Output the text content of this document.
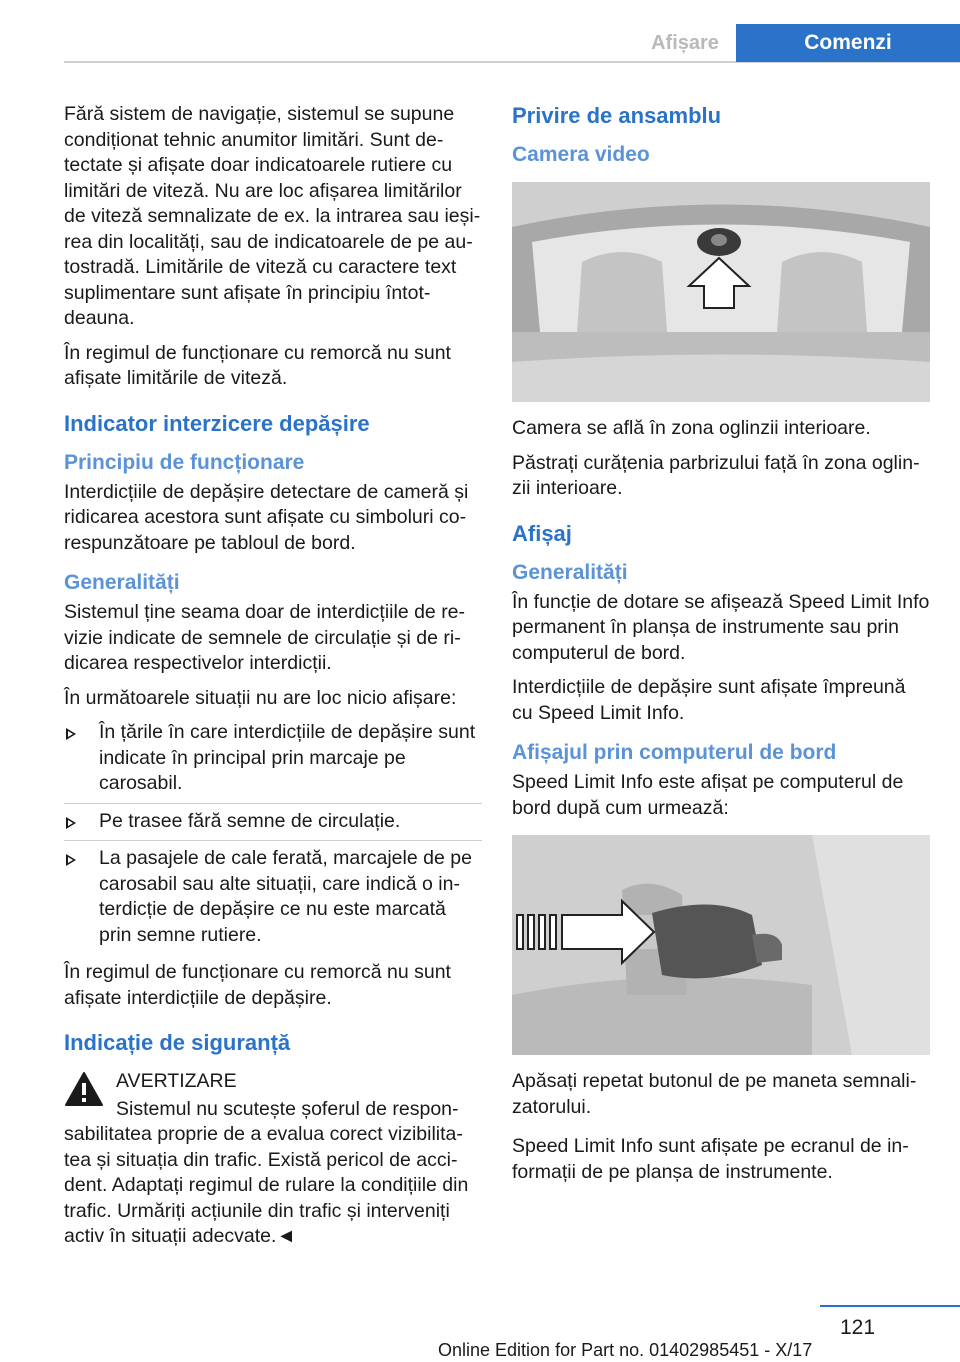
Afișare	Comenzi

Fără sistem de navigație, sistemul se supune condiționat tehnic anumitor limitări. Sunt detectate și afișate doar indicatoarele rutiere cu limitări de viteză. Nu are loc afișarea limitărilor de viteză semnalizate de ex. la intrarea sau ieșirea din localități, sau de indicatoarele de pe autostradă. Limitările de viteză cu caractere text suplimentare sunt afișate în principiu întotdeauna.

În regimul de funcționare cu remorcă nu sunt afișate limitările de viteză.

Indicator interzicere depășire
Principiu de funcționare

Interdicțiile de depășire detectare de cameră și ridicarea acestora sunt afișate cu simboluri corespunzătoare pe tabloul de bord.

Generalități

Sistemul ține seama doar de interdicțiile de revizie indicate de semnele de circulație și de ridicarea respectivelor interdicții.

În următoarele situații nu are loc nicio afișare:

În țările în care interdicțiile de depășire sunt indicate în principal prin marcaje pe carosabil.
Pe trasee fără semne de circulație.
La pasajele de cale ferată, marcajele de pe carosabil sau alte situații, care indică o interdicție de depășire ce nu este marcată prin semne rutiere.

În regimul de funcționare cu remorcă nu sunt afișate interdicțiile de depășire.

Indicație de siguranță
AVERTIZARE

Sistemul nu scutește șoferul de responsabilitatea proprie de a evalua corect vizibilitatea și situația din trafic. Există pericol de accident. Adaptați regimul de rulare la condițiile din trafic. Urmăriți acțiunile din trafic și interveniți activ în situații adecvate.◄

Privire de ansamblu
Camera video

Camera se află în zona oglinzii interioare.

Păstrați curățenia parbrizului față în zona oglinzii interioare.

Afișaj
Generalități

În funcție de dotare se afișează Speed Limit Info permanent în planșa de instrumente sau prin computerul de bord.

Interdicțiile de depășire sunt afișate împreună cu Speed Limit Info.

Afișajul prin computerul de bord

Speed Limit Info este afișat pe computerul de bord după cum urmează:

Apăsați repetat butonul de pe maneta semnalizatorului.

Speed Limit Info sunt afișate pe ecranul de informații de pe planșa de instrumente.

121
Online Edition for Part no. 01402985451 - X/17
